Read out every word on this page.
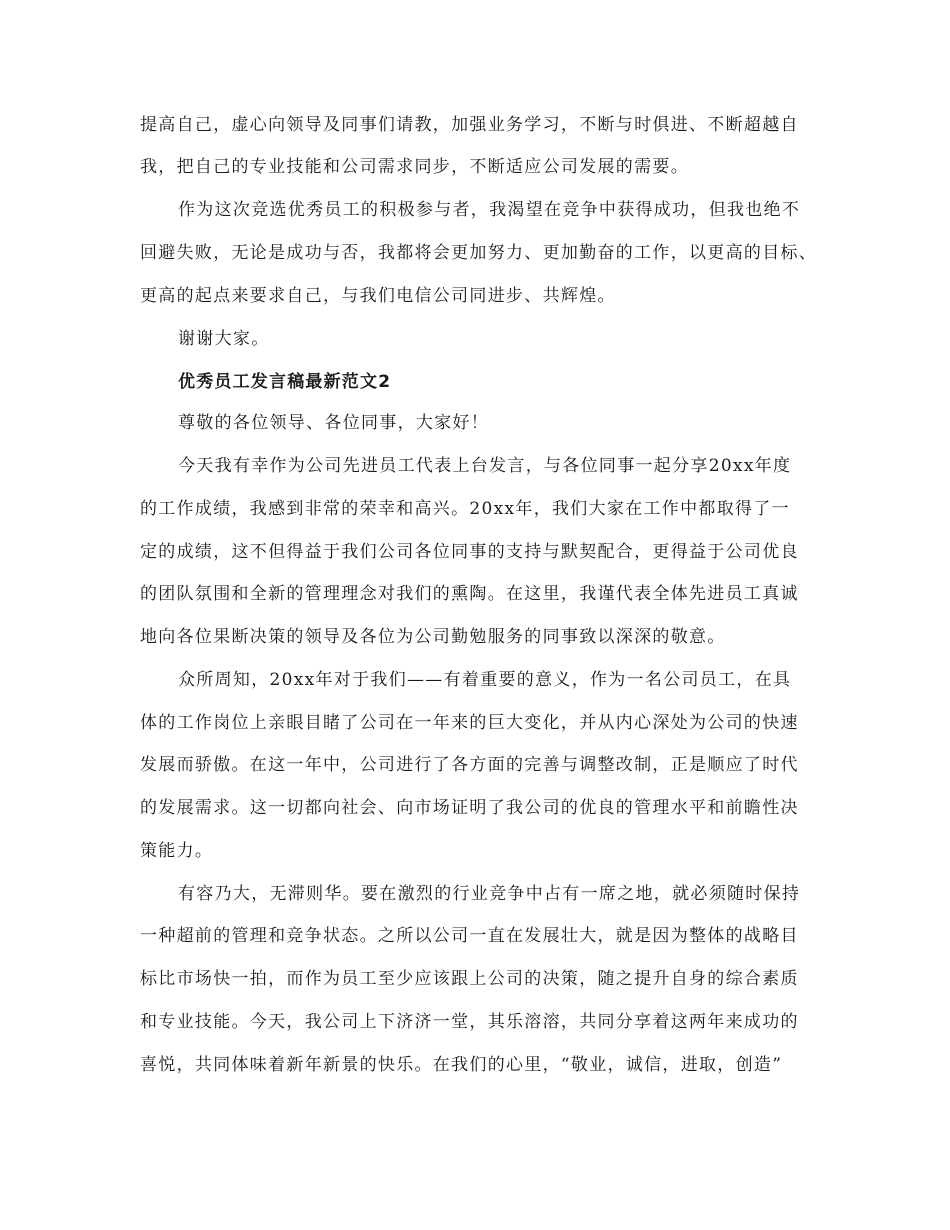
提高自己，虚心向领导及同事们请教，加强业务学习，不断与时俱进、不断超越自
我，把自己的专业技能和公司需求同步，不断适应公司发展的需要。
作为这次竞选优秀员工的积极参与者，我渴望在竞争中获得成功，但我也绝不
回避失败，无论是成功与否，我都将会更加努力、更加勤奋的工作，以更高的目标、
更高的起点来要求自己，与我们电信公司同进步、共辉煌。
谢谢大家。
优秀员工发言稿最新范文2
尊敬的各位领导、各位同事，大家好！
今天我有幸作为公司先进员工代表上台发言，与各位同事一起分享20xx年度
的工作成绩，我感到非常的荣幸和高兴。20xx年，我们大家在工作中都取得了一
定的成绩，这不但得益于我们公司各位同事的支持与默契配合，更得益于公司优良
的团队氛围和全新的管理理念对我们的熏陶。在这里，我谨代表全体先进员工真诚
地向各位果断决策的领导及各位为公司勤勉服务的同事致以深深的敬意。
众所周知，20xx年对于我们——有着重要的意义，作为一名公司员工，在具
体的工作岗位上亲眼目睹了公司在一年来的巨大变化，并从内心深处为公司的快速
发展而骄傲。在这一年中，公司进行了各方面的完善与调整改制，正是顺应了时代
的发展需求。这一切都向社会、向市场证明了我公司的优良的管理水平和前瞻性决
策能力。
有容乃大，无滞则华。要在激烈的行业竞争中占有一席之地，就必须随时保持
一种超前的管理和竞争状态。之所以公司一直在发展壮大，就是因为整体的战略目
标比市场快一拍，而作为员工至少应该跟上公司的决策，随之提升自身的综合素质
和专业技能。今天，我公司上下济济一堂，其乐溶溶，共同分享着这两年来成功的
喜悦，共同体味着新年新景的快乐。在我们的心里，“敬业，诚信，进取，创造”
